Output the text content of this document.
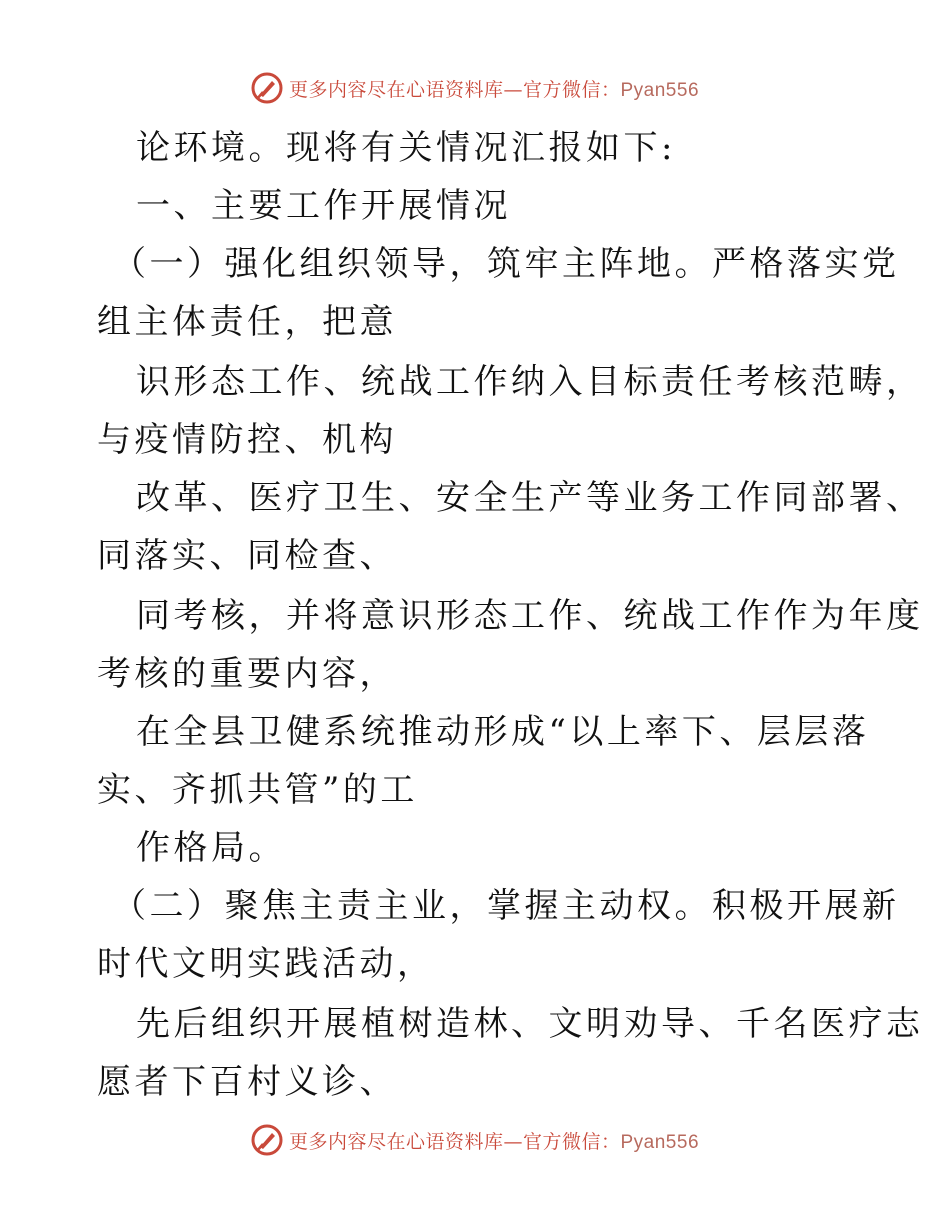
更多内容尽在心语资料库—官方微信：Pyan556
论环境。现将有关情况汇报如下:
一、主要工作开展情况
（一）强化组织领导，筑牢主阵地。严格落实党
组主体责任，把意
识形态工作、统战工作纳入目标责任考核范畴，
与疫情防控、机构
改革、医疗卫生、安全生产等业务工作同部署、
同落实、同检查、
同考核，并将意识形态工作、统战工作作为年度
考核的重要内容，
在全县卫健系统推动形成“以上率下、层层落
实、齐抓共管”的工
作格局。
（二）聚焦主责主业，掌握主动权。积极开展新
时代文明实践活动，
先后组织开展植树造林、文明劝导、千名医疗志
愿者下百村义诊、
更多内容尽在心语资料库—官方微信：Pyan556
